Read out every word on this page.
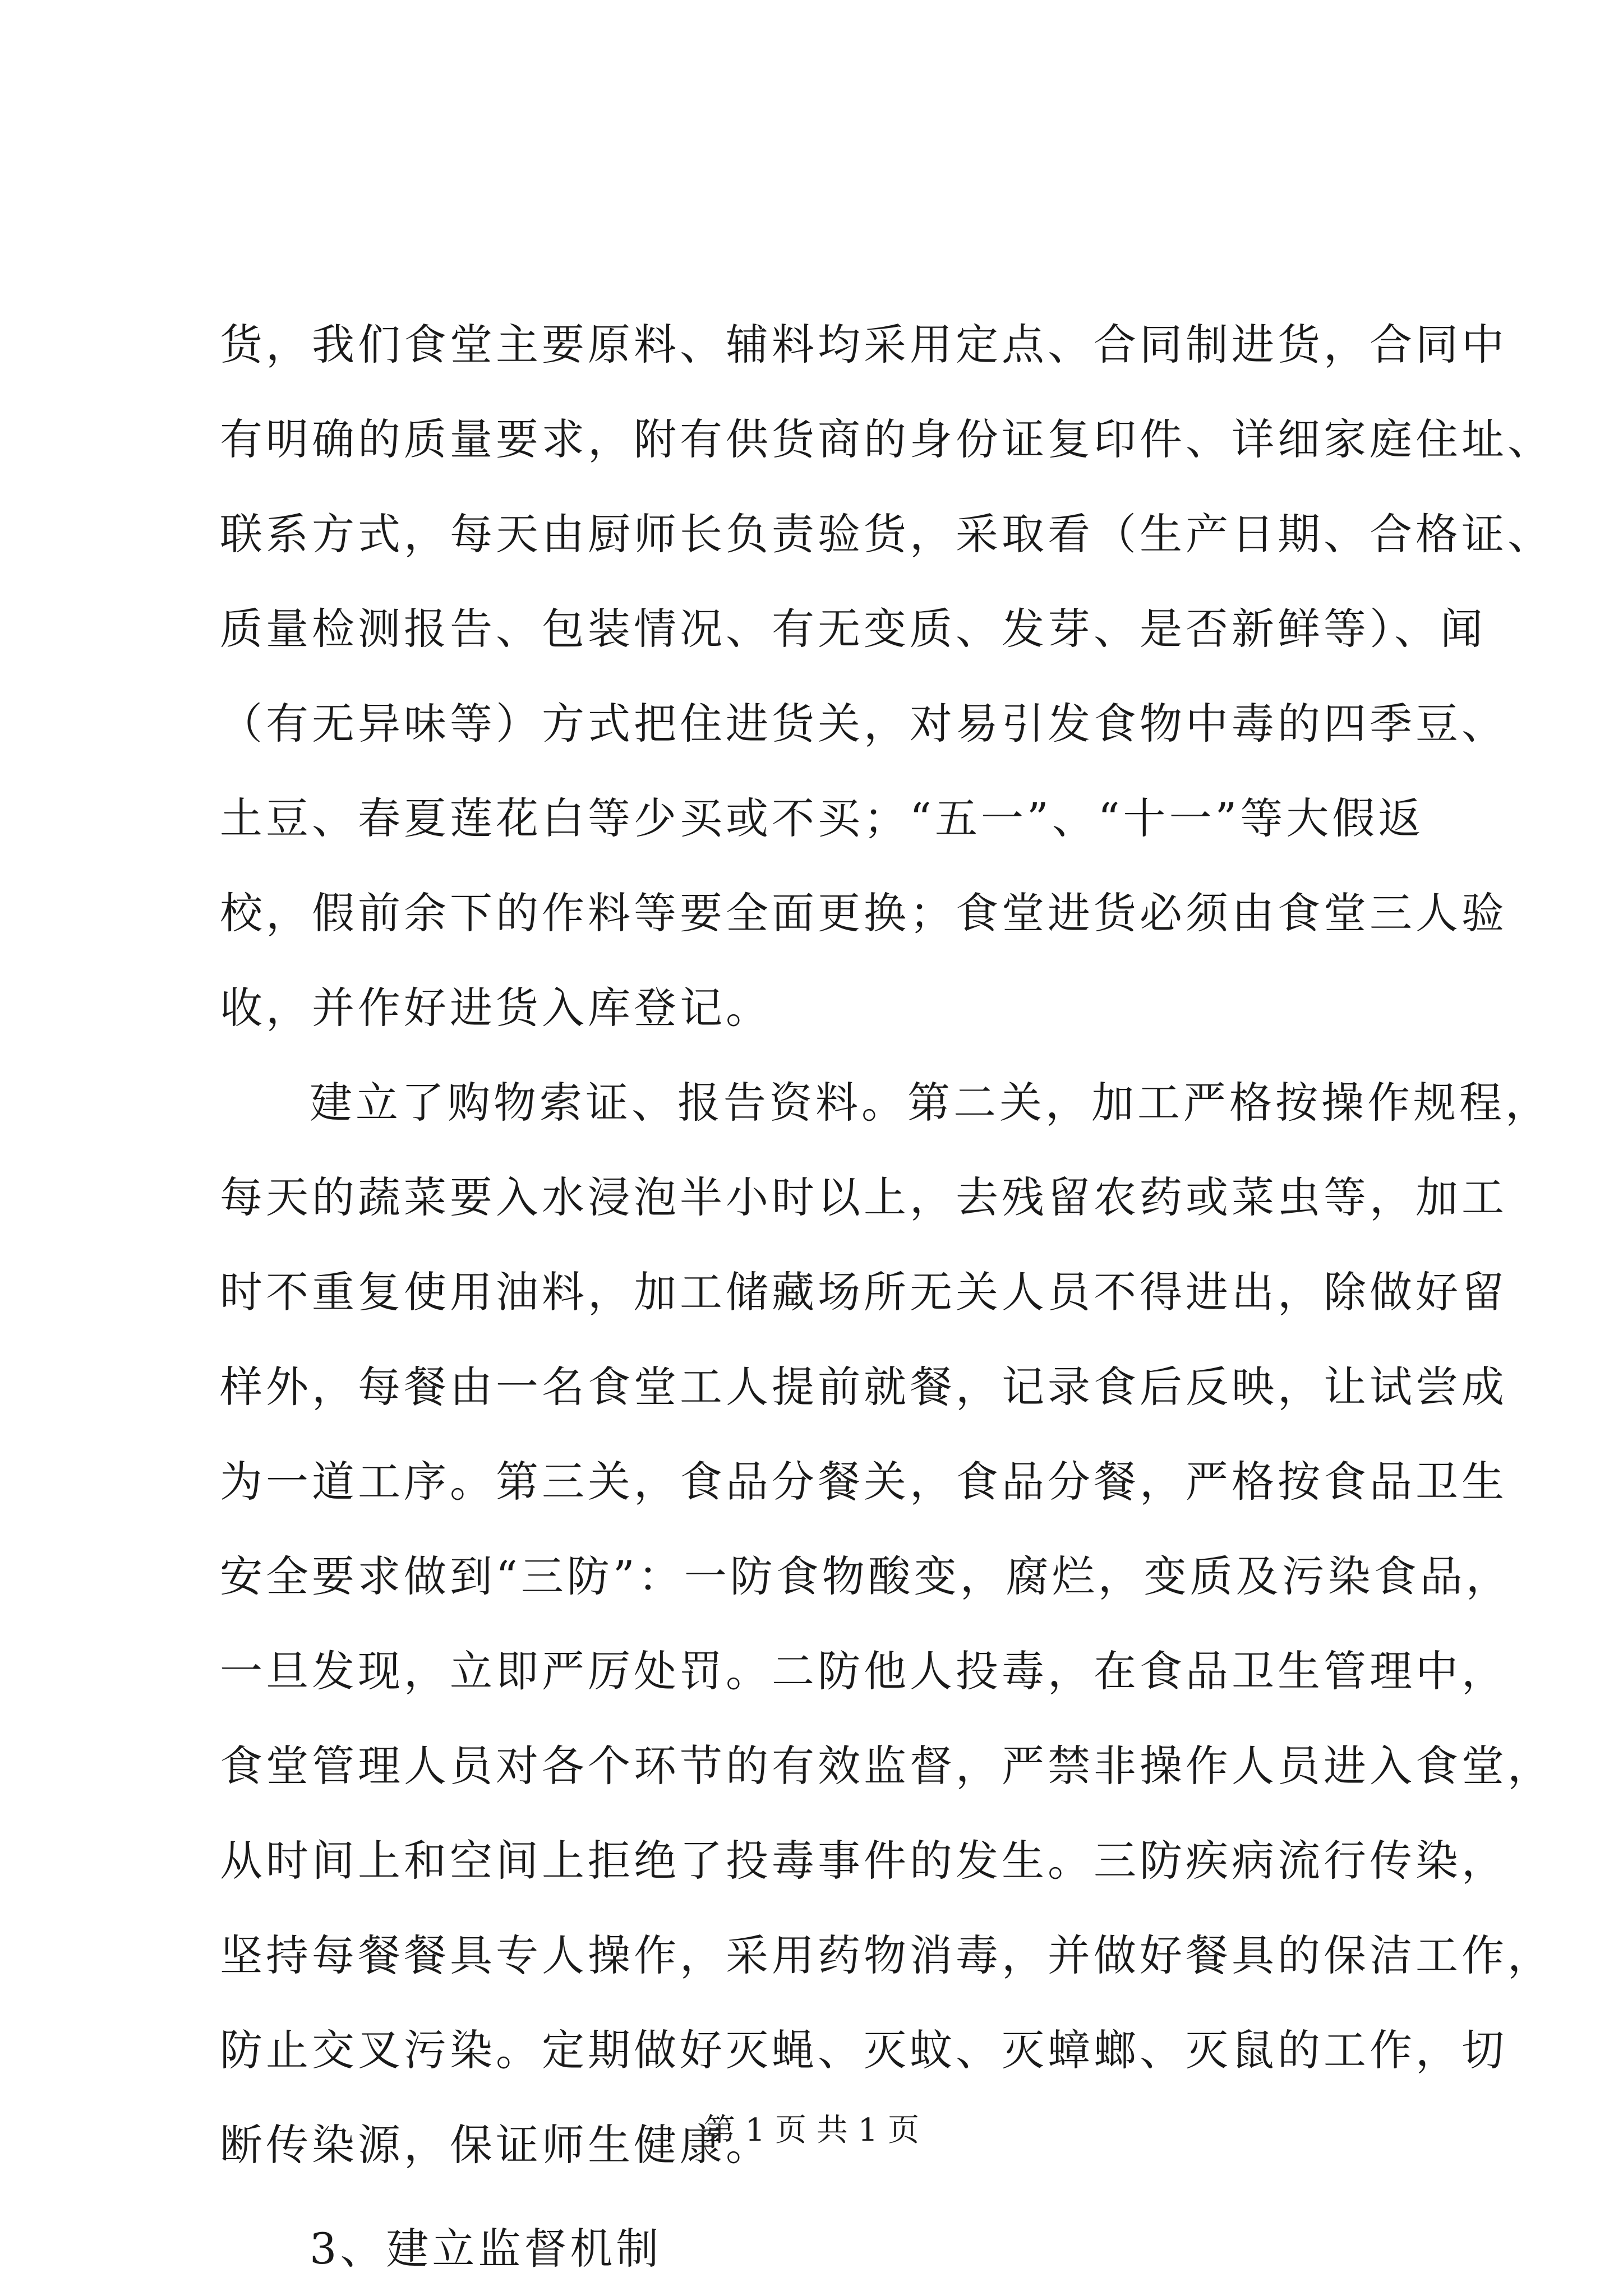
货，我们食堂主要原料、辅料均采用定点、合同制进货，合同中
有明确的质量要求，附有供货商的身份证复印件、详细家庭住址、
联系方式，每天由厨师长负责验货，采取看（生产日期、合格证、
质量检测报告、包装情况、有无变质、发芽、是否新鲜等）、闻
（有无异味等）方式把住进货关，对易引发食物中毒的四季豆、
土豆、春夏莲花白等少买或不买；“五一”、“十一”等大假返
校，假前余下的作料等要全面更换；食堂进货必须由食堂三人验
收，并作好进货入库登记。
建立了购物索证、报告资料。第二关，加工严格按操作规程，
每天的蔬菜要入水浸泡半小时以上，去残留农药或菜虫等，加工
时不重复使用油料，加工储藏场所无关人员不得进出，除做好留
样外，每餐由一名食堂工人提前就餐，记录食后反映，让试尝成
为一道工序。第三关，食品分餐关，食品分餐，严格按食品卫生
安全要求做到“三防”：一防食物酸变，腐烂，变质及污染食品，
一旦发现，立即严厉处罚。二防他人投毒，在食品卫生管理中，
食堂管理人员对各个环节的有效监督，严禁非操作人员进入食堂，
从时间上和空间上拒绝了投毒事件的发生。三防疾病流行传染，
坚持每餐餐具专人操作，采用药物消毒，并做好餐具的保洁工作，
防止交叉污染。定期做好灭蝇、灭蚊、灭蟑螂、灭鼠的工作，切
断传染源，保证师生健康。
3、建立监督机制
第 1 页 共 1 页
